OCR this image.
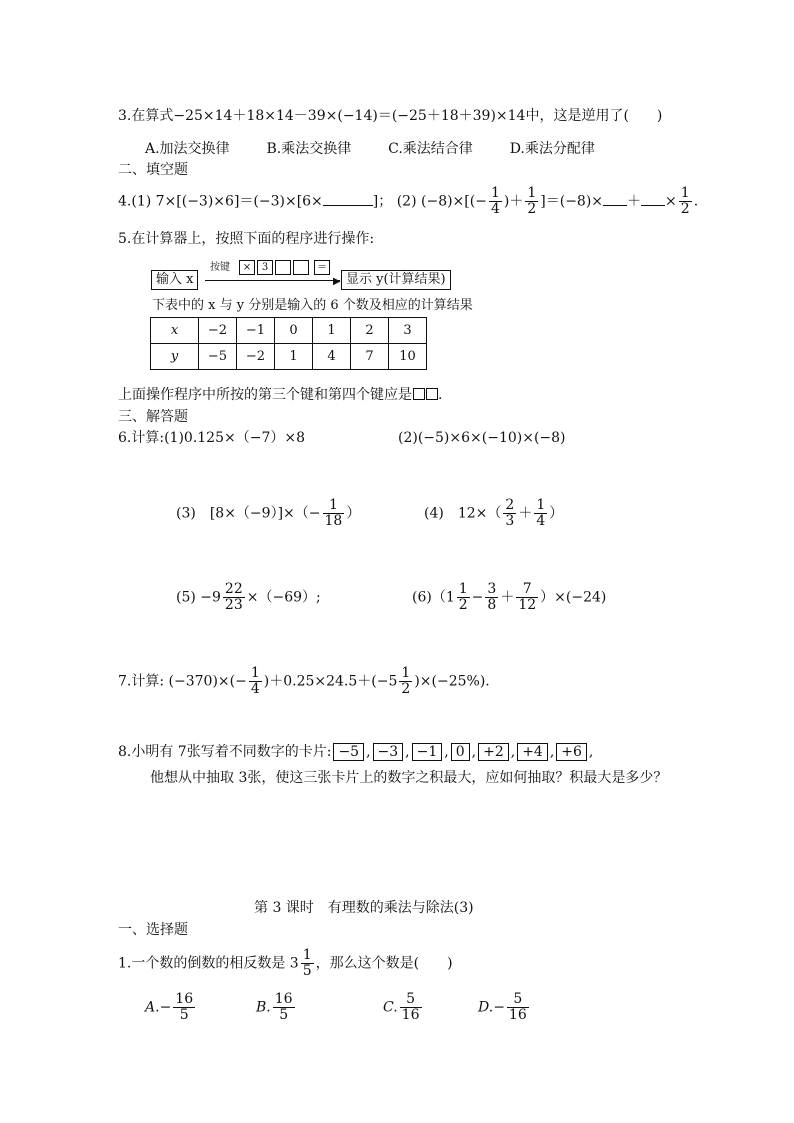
3.在算式−25×14＋18×14－39×(−14)＝(−25＋18＋39)×14中，这是逆用了(　　)
A.加法交换律	B.乘法交换律	C.乘法结合律	D.乘法分配律
二、填空题
4.(1) 7×[(−3)×6]＝(−3)×[6×	]； (2) $(-8)\times[(- \frac{1}{4}$ )＋ $\frac{1}{2} ]=(-8)\times$ ＋ × $\frac{1}{2}$ .
5.在计算器上，按照下面的程序进行操作:
输入 x	▶
按键	×	3	＝
显示 y(计算结果)
下表中的 x 与 y 分别是输入的 6 个数及相应的计算结果
x	−2	−1	0	1	2	3
y	−5	−2	1	4	7	10
上面操作程序中所按的第三个键和第四个键应是 .
三、解答题
6.计算:(1)0.125×（−7）×8	(2)(−5)×6×(−10)×(−8)
(3)　$[8\times(-9)]\times(- \frac{1}{18}$ ）	(4)　$12\times( \frac{2}{3} + \frac{1}{4}$ ）
$(5) -9 \frac{22}{23} \times(-69)$;	$(6)(1 \frac{1}{2} - \frac{3}{8} + \frac{7}{12} )\times(-24)$
7.计算: $(-370)\times(- \frac{1}{4} )+0.25\times 24.5+(-5 \frac{1}{2} )\times(-25\%)$.
8.小明有 7张写着不同数字的卡片: −5 , −3 , −1 , 0 , +2 , +4 , +6 ,
他想从中抽取 3张，使这三张卡片上的数字之积最大，应如何抽取？积最大是多少？
第 3 课时　有理数的乘法与除法(3)
一、选择题
1.一个数的倒数的相反数是 $3 \frac{1}{5}$ ，那么这个数是(　　)
$A.- \frac{16}{5}$	B. $\frac{16}{5}$	C. $\frac{5}{16}$	$D.- \frac{5}{16}$
